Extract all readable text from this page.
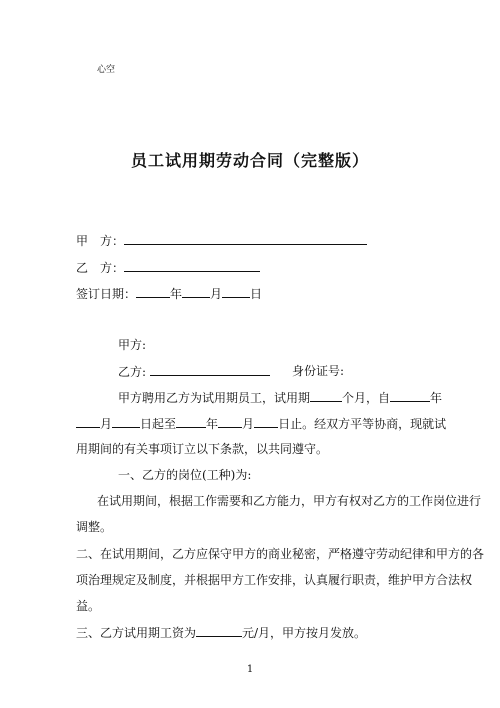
心空
员工试用期劳动合同（完整版）
甲　方：
乙　方：
签订日期：	年 月 日
甲方:
乙方:	身份证号:
甲方聘用乙方为试用期员工，试用期	个月，自	年
月 日起至	年 月 日止。经双方平等协商，现就试
用期间的有关事项订立以下条款，以共同遵守。
一、乙方的岗位(工种)为:
在试用期间，根据工作需要和乙方能力，甲方有权对乙方的工作岗位进行
调整。
二、在试用期间，乙方应保守甲方的商业秘密，严格遵守劳动纪律和甲方的各
项治理规定及制度，并根据甲方工作安排，认真履行职责，维护甲方合法权
益。
三、乙方试用期工资为	元/月，甲方按月发放。
1
